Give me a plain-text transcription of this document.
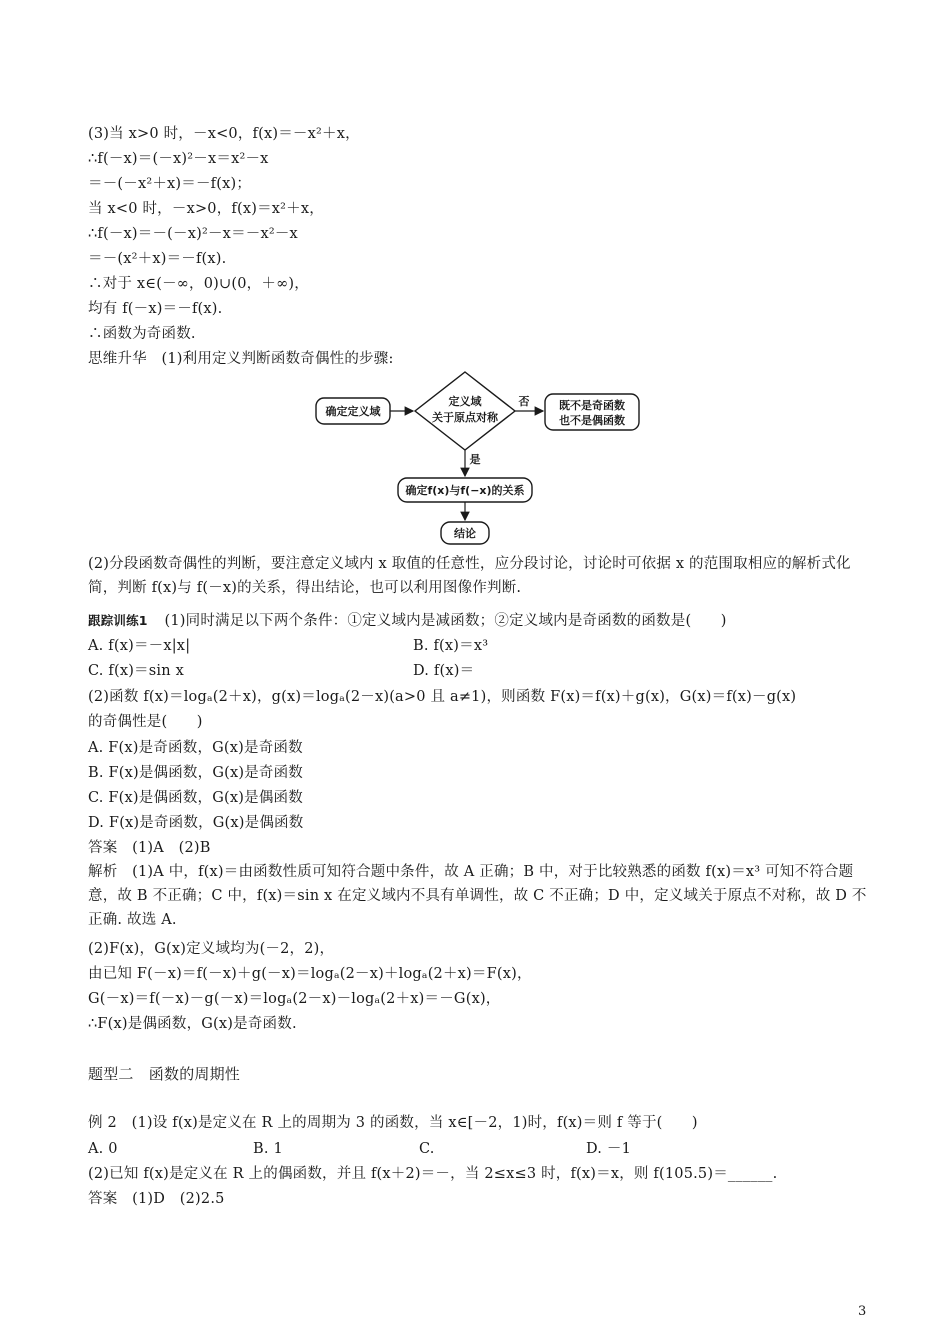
(3)当 x>0 时，－x<0，f(x)＝－x²＋x，
∴f(－x)＝(－x)²－x＝x²－x
＝－(－x²＋x)＝－f(x)；
当 x<0 时，－x>0，f(x)＝x²＋x，
∴f(－x)＝－(－x)²－x＝－x²－x
＝－(x²＋x)＝－f(x).
∴对于 x∈(－∞，0)∪(0，＋∞)，
均有 f(－x)＝－f(x).
∴函数为奇函数.
思维升华　(1)利用定义判断函数奇偶性的步骤:
确定定义域
定义域
关于原点对称
否	既不是奇函数
也不是偶函数
是
确定f(x)与f(−x)的关系
结论
(2)分段函数奇偶性的判断，要注意定义域内 x 取值的任意性，应分段讨论，讨论时可依据 x 的范围取相应的解析式化简，判断 f(x)与 f(－x)的关系，得出结论，也可以利用图像作判断.
跟踪训练1 (1)同时满足以下两个条件：①定义域内是减函数；②定义域内是奇函数的函数是(　　)
A. f(x)＝－x|x|	B. f(x)＝x³
C. f(x)＝sin x	D. f(x)＝
(2)函数 f(x)＝logₐ(2＋x)，g(x)＝logₐ(2－x)(a>0 且 a≠1)，则函数 F(x)＝f(x)＋g(x)，G(x)＝f(x)－g(x)
的奇偶性是(　　)
A. F(x)是奇函数，G(x)是奇函数
B. F(x)是偶函数，G(x)是奇函数
C. F(x)是偶函数，G(x)是偶函数
D. F(x)是奇函数，G(x)是偶函数
答案　(1)A　(2)B
解析　(1)A 中，f(x)＝由函数性质可知符合题中条件，故 A 正确；B 中，对于比较熟悉的函数 f(x)＝x³ 可知不符合题意，故 B 不正确；C 中，f(x)＝sin x 在定义域内不具有单调性，故 C 不正确；D 中，定义域关于原点不对称，故 D 不正确. 故选 A.
(2)F(x)，G(x)定义域均为(－2，2)，
由已知 F(－x)＝f(－x)＋g(－x)＝logₐ(2－x)＋logₐ(2＋x)＝F(x)，
G(－x)＝f(－x)－g(－x)＝logₐ(2－x)－logₐ(2＋x)＝－G(x)，
∴F(x)是偶函数，G(x)是奇函数.
题型二　函数的周期性
例 2　(1)设 f(x)是定义在 R 上的周期为 3 的函数，当 x∈[－2，1)时，f(x)＝则 f 等于(　　)
A. 0	B. 1	C.	D. －1
(2)已知 f(x)是定义在 R 上的偶函数，并且 f(x＋2)＝－，当 2≤x≤3 时，f(x)＝x，则 f(105.5)＝______.
答案　(1)D　(2)2.5
3
